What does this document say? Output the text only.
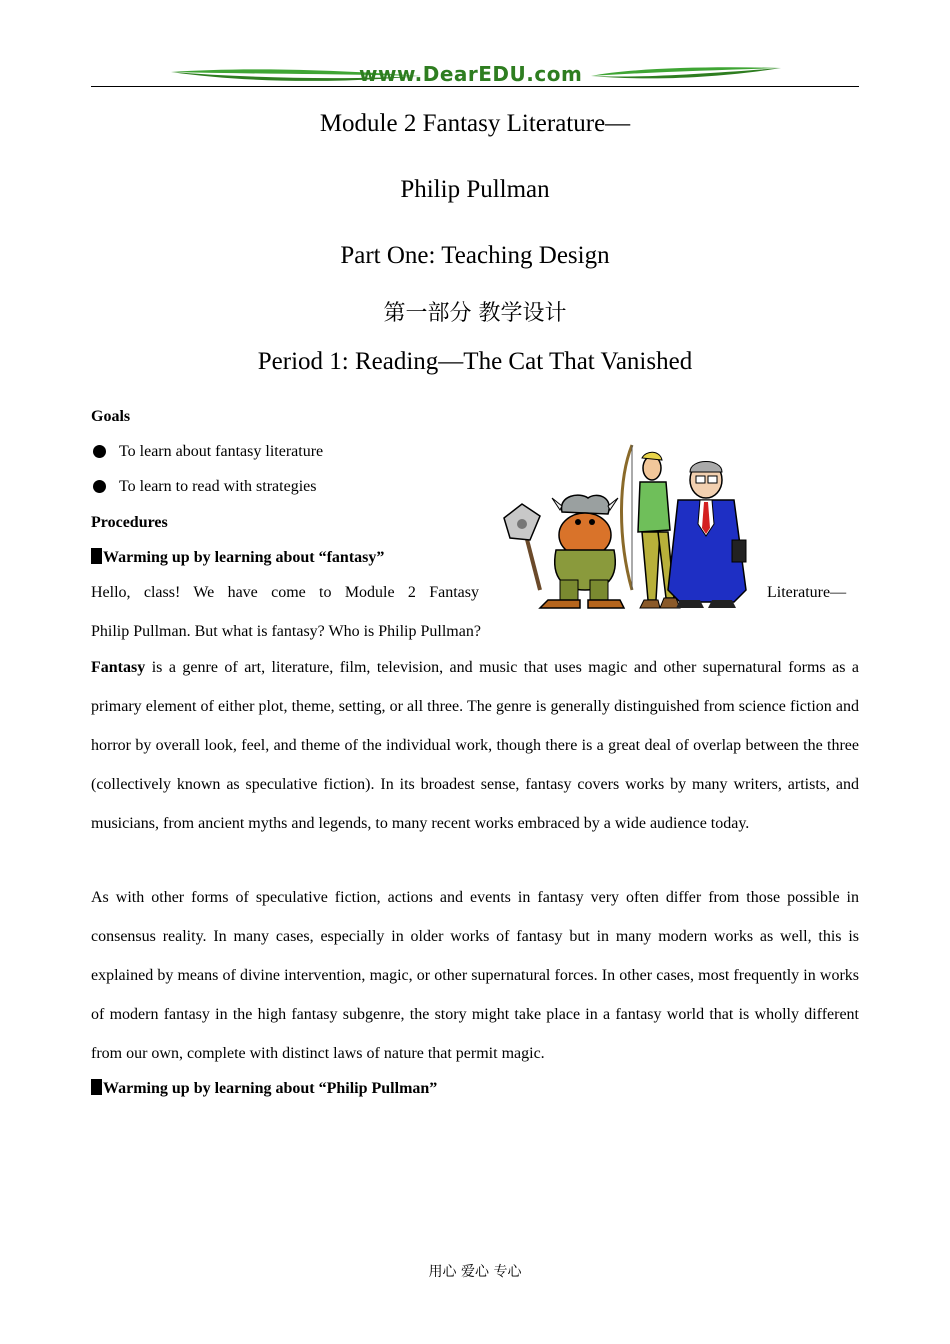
www.DearEDU.com
Module 2 Fantasy Literature—
Philip Pullman
Part One: Teaching Design
第一部分 教学设计
Period 1: Reading—The Cat That Vanished
Goals
To learn about fantasy literature
To learn to read with strategies
Procedures
Warming up by learning about “fantasy”
Hello, class! We have come to Module 2 Fantasy	Literature—
Philip Pullman. But what is fantasy? Who is Philip Pullman?
Fantasy is a genre of art, literature, film, television, and music that uses magic and other supernatural forms as a primary element of either plot, theme, setting, or all three. The genre is generally distinguished from science fiction and horror by overall look, feel, and theme of the individual work, though there is a great deal of overlap between the three (collectively known as speculative fiction). In its broadest sense, fantasy covers works by many writers, artists, and musicians, from ancient myths and legends, to many recent works embraced by a wide audience today.
As with other forms of speculative fiction, actions and events in fantasy very often differ from those possible in consensus reality. In many cases, especially in older works of fantasy but in many modern works as well, this is explained by means of divine intervention, magic, or other supernatural forces. In other cases, most frequently in works of modern fantasy in the high fantasy subgenre, the story might take place in a fantasy world that is wholly different from our own, complete with distinct laws of nature that permit magic.
Warming up by learning about “Philip Pullman”
用心 爱心 专心
